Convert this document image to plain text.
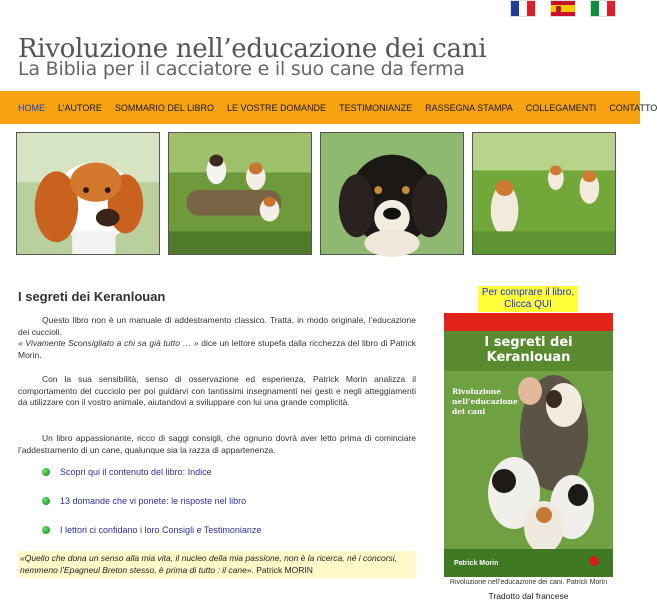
Rivoluzione nell’educazione dei cani
La Biblia per il cacciatore e il suo cane da ferma
HOME L’AUTORE SOMMARIO DEL LIBRO LE VOSTRE DOMANDE TESTIMONIANZE RASSEGNA STAMPA COLLEGAMENTI CONTATTO
I segreti dei Keranlouan
Questo libro non è un manuale di addestramento classico. Tratta, in modo originale, l’educazione dei cuccioli.
« Vivamente Sconsigliato a chi sa già tutto … » dice un lettore stupefa dalla ricchezza del libro di Patrick Morin.
Con la sua sensibilità, senso di osservazione ed esperienza, Patrick Morin analizza il comportamento del cucciolo per poi guidarvi con tantissimi insegnamenti nei gesti e negli atteggiamenti da utilizzare con il vostro animale, aiutandovi a sviluppare con lui una grande complicità.
Un libro appassionante, ricco di saggi consigli, che ognuno dovrà aver letto prima di cominciare l’addestramento di un cane, qualunque sia la razza di appartenenza.
Scopri qui il contenuto del libro: Indice
13 domande che vi ponete: le risposte nel libro
I lettori ci confidano i loro Consigli e Testimonianze
«Quello che dona un senso alla mia vita, il nucleo della mia passione, non è la ricerca, né i concorsi, nemmeno l’Epagneul Breton stesso, è prima di tutto : il cane». Patrick MORIN
Per comprare il libro,
Clicca QUI
I segreti dei Keranlouan
Rivoluzione nell’educazione dei cani
Patrick Morin
Rivoluzione nell’educazione dei cani. Patrick Morin
Tradotto dal francese
